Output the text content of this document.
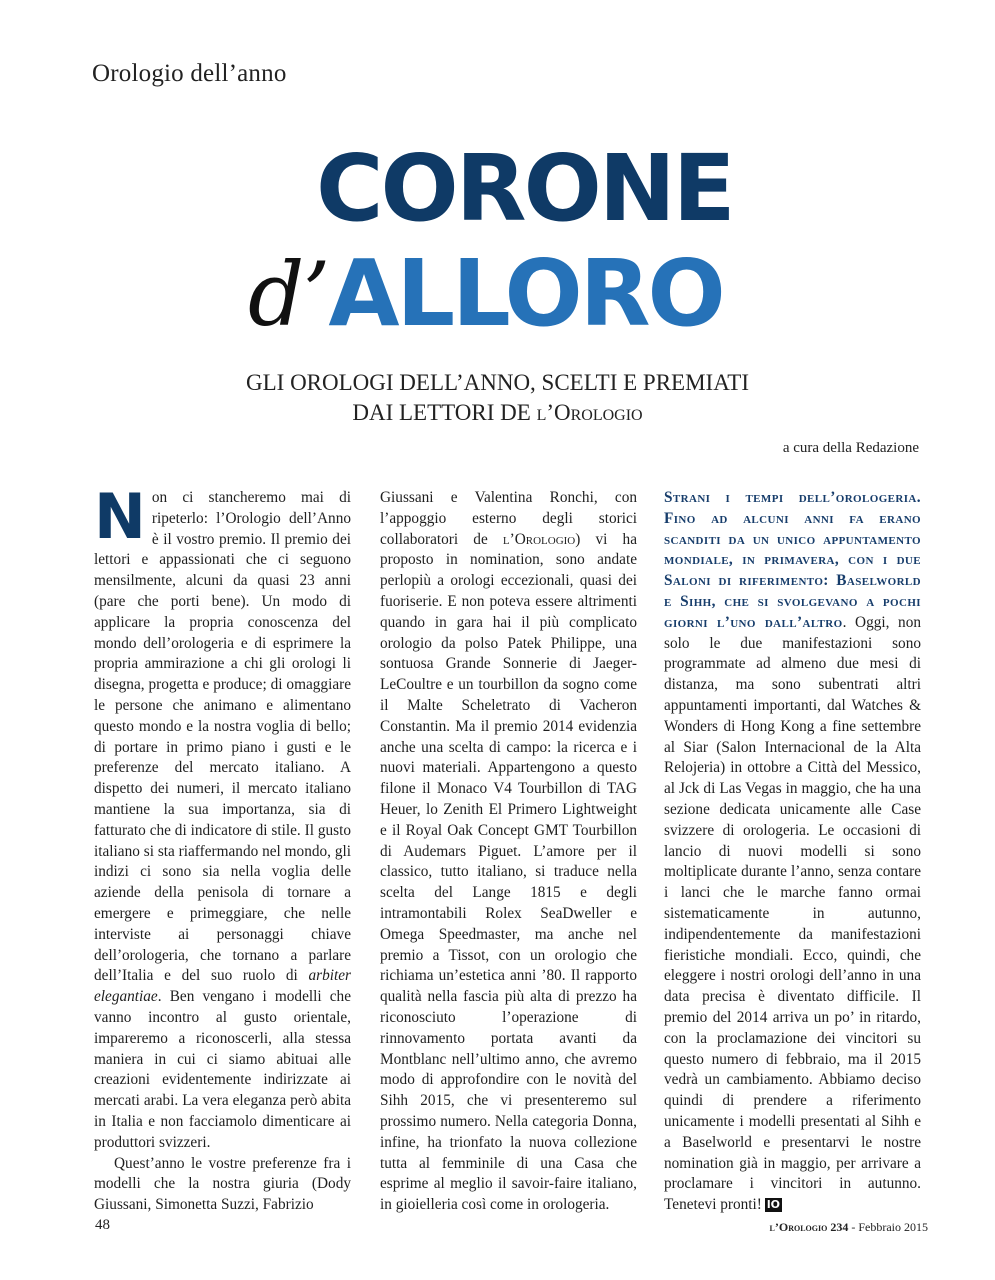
Orologio dell’anno
CORONE
d’ALLORO
GLI OROLOGI DELL’ANNO, SCELTI E PREMIATI
DAI LETTORI DE l’Orologio
a cura della Redazione

Non ci stancheremo mai di ripeterlo: l’Orologio dell’Anno è il vostro premio. Il premio dei lettori e appassionati che ci seguono mensilmente, alcuni da quasi 23 anni (pare che porti bene). Un modo di applicare la propria conoscenza del mondo dell’orologeria e di esprimere la propria ammirazione a chi gli orologi li disegna, progetta e produce; di omaggiare le persone che animano e alimentano questo mondo e la nostra voglia di bello; di portare in primo piano i gusti e le preferenze del mercato italiano. A dispetto dei numeri, il mercato italiano mantiene la sua importanza, sia di fatturato che di indicatore di stile. Il gusto italiano si sta riaffermando nel mondo, gli indizi ci sono sia nella voglia delle aziende della penisola di tornare a emergere e primeggiare, che nelle interviste ai personaggi chiave dell’orologeria, che tornano a parlare dell’Italia e del suo ruolo di arbiter elegantiae. Ben vengano i modelli che vanno incontro al gusto orientale, impareremo a riconoscerli, alla stessa maniera in cui ci siamo abituai alle creazioni evidentemente indirizzate ai mercati arabi. La vera eleganza però abita in Italia e non facciamolo dimenticare ai produttori svizzeri.

Quest’anno le vostre preferenze fra i modelli che la nostra giuria (Dody Giussani, Simonetta Suzzi, Fabrizio

Giussani e Valentina Ronchi, con l’appoggio esterno degli storici collaboratori de l’Orologio) vi ha proposto in nomination, sono andate perlopiù a orologi eccezionali, quasi dei fuoriserie. E non poteva essere altrimenti quando in gara hai il più complicato orologio da polso Patek Philippe, una sontuosa Grande Sonnerie di Jaeger-LeCoultre e un tourbillon da sogno come il Malte Scheletrato di Vacheron Constantin. Ma il premio 2014 evidenzia anche una scelta di campo: la ricerca e i nuovi materiali. Appartengono a questo filone il Monaco V4 Tourbillon di TAG Heuer, lo Zenith El Primero Lightweight e il Royal Oak Concept GMT Tourbillon di Audemars Piguet. L’amore per il classico, tutto italiano, si traduce nella scelta del Lange 1815 e degli intramontabili Rolex SeaDweller e Omega Speedmaster, ma anche nel premio a Tissot, con un orologio che richiama un’estetica anni ’80. Il rapporto qualità nella fascia più alta di prezzo ha riconosciuto l’operazione di rinnovamento portata avanti da Montblanc nell’ultimo anno, che avremo modo di approfondire con le novità del Sihh 2015, che vi presenteremo sul prossimo numero. Nella categoria Donna, infine, ha trionfato la nuova collezione tutta al femminile di una Casa che esprime al meglio il savoir-faire italiano, in gioielleria così come in orologeria.

Strani i tempi dell’orologeria. Fino ad alcuni anni fa erano scanditi da un unico appuntamento mondiale, in primavera, con i due Saloni di riferimento: Baselworld e Sihh, che si svolgevano a pochi giorni l’uno dall’altro. Oggi, non solo le due manifestazioni sono programmate ad almeno due mesi di distanza, ma sono subentrati altri appuntamenti importanti, dal Watches & Wonders di Hong Kong a fine settembre al Siar (Salon Internacional de la Alta Relojeria) in ottobre a Città del Messico, al Jck di Las Vegas in maggio, che ha una sezione dedicata unicamente alle Case svizzere di orologeria. Le occasioni di lancio di nuovi modelli si sono moltiplicate durante l’anno, senza contare i lanci che le marche fanno ormai sistematicamente in autunno, indipendentemente da manifestazioni fieristiche mondiali. Ecco, quindi, che eleggere i nostri orologi dell’anno in una data precisa è diventato difficile. Il premio del 2014 arriva un po’ in ritardo, con la proclamazione dei vincitori su questo numero di febbraio, ma il 2015 vedrà un cambiamento. Abbiamo deciso quindi di prendere a riferimento unicamente i modelli presentati al Sihh e a Baselworld e presentarvi le nostre nomination già in maggio, per arrivare a proclamare i vincitori in autunno. Tenetevi pronti! lO

48	l’Orologio 234 - Febbraio 2015
